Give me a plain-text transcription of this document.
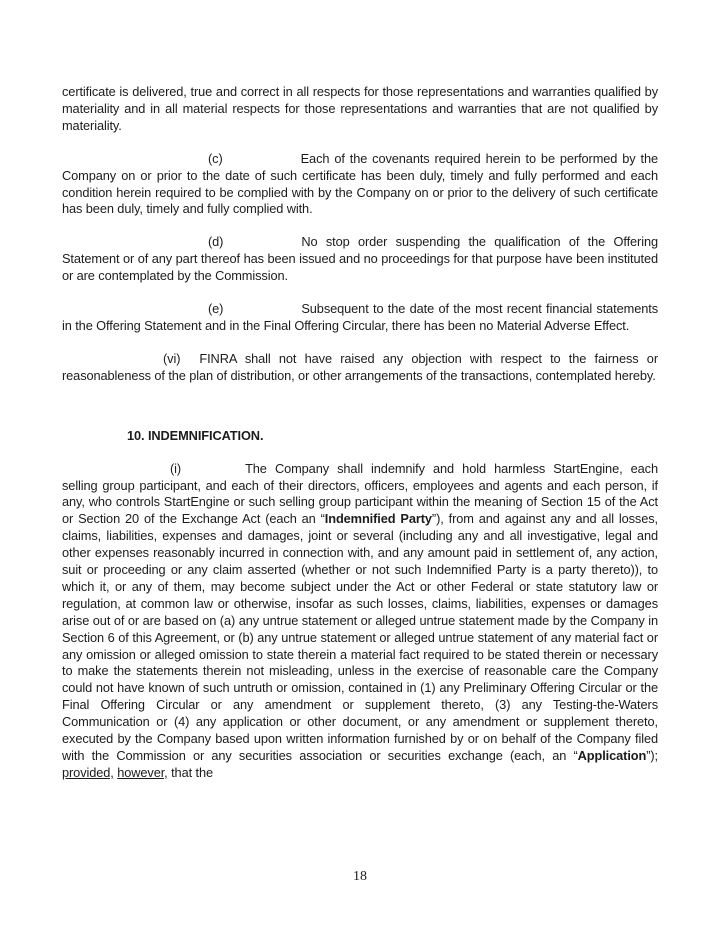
certificate is delivered, true and correct in all respects for those representations and warranties qualified by materiality and in all material respects for those representations and warranties that are not qualified by materiality.

(c)	Each of the covenants required herein to be performed by the Company on or prior to the date of such certificate has been duly, timely and fully performed and each condition herein required to be complied with by the Company on or prior to the delivery of such certificate has been duly, timely and fully complied with.

(d)	No stop order suspending the qualification of the Offering Statement or of any part thereof has been issued and no proceedings for that purpose have been instituted or are contemplated by the Commission.

(e)	Subsequent to the date of the most recent financial statements in the Offering Statement and in the Final Offering Circular, there has been no Material Adverse Effect.

(vi) FINRA shall not have raised any objection with respect to the fairness or reasonableness of the plan of distribution, or other arrangements of the transactions, contemplated hereby.

10. INDEMNIFICATION.

(i)	The Company shall indemnify and hold harmless StartEngine, each selling group participant, and each of their directors, officers, employees and agents and each person, if any, who controls StartEngine or such selling group participant within the meaning of Section 15 of the Act or Section 20 of the Exchange Act (each an “Indemnified Party”), from and against any and all losses, claims, liabilities, expenses and damages, joint or several (including any and all investigative, legal and other expenses reasonably incurred in connection with, and any amount paid in settlement of, any action, suit or proceeding or any claim asserted (whether or not such Indemnified Party is a party thereto)), to which it, or any of them, may become subject under the Act or other Federal or state statutory law or regulation, at common law or otherwise, insofar as such losses, claims, liabilities, expenses or damages arise out of or are based on (a) any untrue statement or alleged untrue statement made by the Company in Section 6 of this Agreement, or (b) any untrue statement or alleged untrue statement of any material fact or any omission or alleged omission to state therein a material fact required to be stated therein or necessary to make the statements therein not misleading, unless in the exercise of reasonable care the Company could not have known of such untruth or omission, contained in (1) any Preliminary Offering Circular or the Final Offering Circular or any amendment or supplement thereto, (3) any Testing-the-Waters Communication or (4) any application or other document, or any amendment or supplement thereto, executed by the Company based upon written information furnished by or on behalf of the Company filed with the Commission or any securities association or securities exchange (each, an “Application”); provided, however, that the

18
